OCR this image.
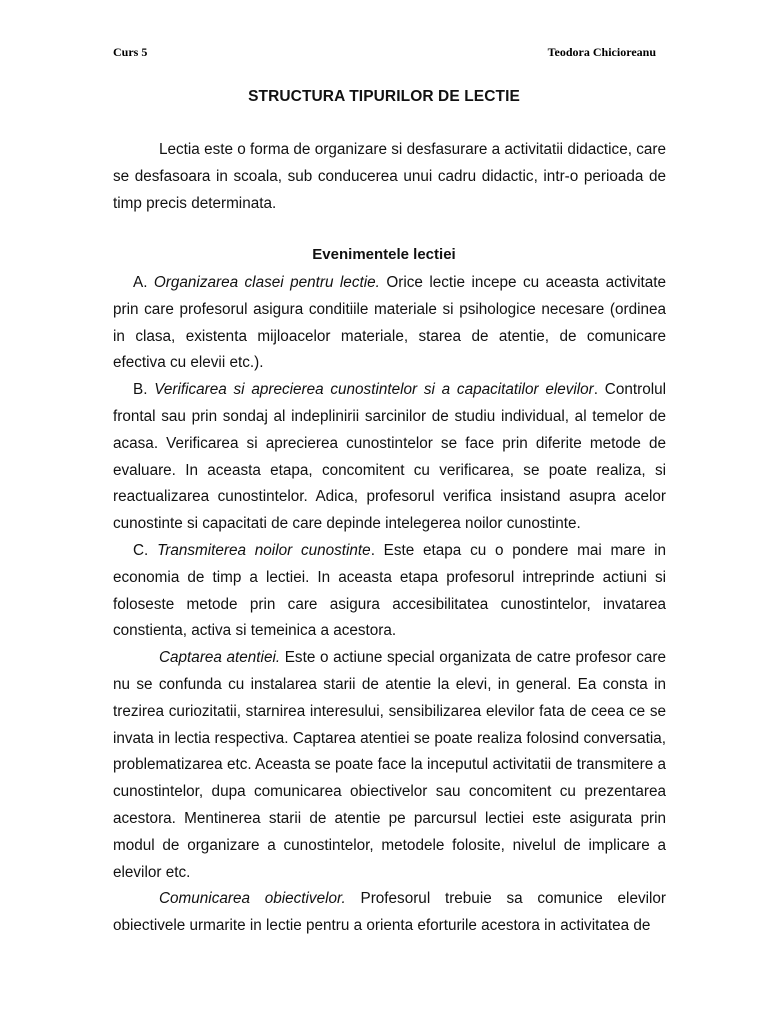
Curs 5	Teodora Chicioreanu
STRUCTURA TIPURILOR DE LECTIE

Lectia este o forma de organizare si desfasurare a activitatii didactice, care se desfasoara in scoala, sub conducerea unui cadru didactic, intr-o perioada de timp precis determinata.

Evenimentele lectiei

A. Organizarea clasei pentru lectie. Orice lectie incepe cu aceasta activitate prin care profesorul asigura conditiile materiale si psihologice necesare (ordinea in clasa, existenta mijloacelor materiale, starea de atentie, de comunicare efectiva cu elevii etc.).

B. Verificarea si aprecierea cunostintelor si a capacitatilor elevilor. Controlul frontal sau prin sondaj al indeplinirii sarcinilor de studiu individual, al temelor de acasa. Verificarea si aprecierea cunostintelor se face prin diferite metode de evaluare. In aceasta etapa, concomitent cu verificarea, se poate realiza, si reactualizarea cunostintelor. Adica, profesorul verifica insistand asupra acelor cunostinte si capacitati de care depinde intelegerea noilor cunostinte.

C. Transmiterea noilor cunostinte. Este etapa cu o pondere mai mare in economia de timp a lectiei. In aceasta etapa profesorul intreprinde actiuni si foloseste metode prin care asigura accesibilitatea cunostintelor, invatarea constienta, activa si temeinica a acestora.

Captarea atentiei. Este o actiune special organizata de catre profesor care nu se confunda cu instalarea starii de atentie la elevi, in general. Ea consta in trezirea curiozitatii, starnirea interesului, sensibilizarea elevilor fata de ceea ce se invata in lectia respectiva. Captarea atentiei se poate realiza folosind conversatia, problematizarea etc. Aceasta se poate face la inceputul activitatii de transmitere a cunostintelor, dupa comunicarea obiectivelor sau concomitent cu prezentarea acestora. Mentinerea starii de atentie pe parcursul lectiei este asigurata prin modul de organizare a cunostintelor, metodele folosite, nivelul de implicare a elevilor etc.

Comunicarea obiectivelor. Profesorul trebuie sa comunice elevilor obiectivele urmarite in lectie pentru a orienta eforturile acestora in activitatea de
